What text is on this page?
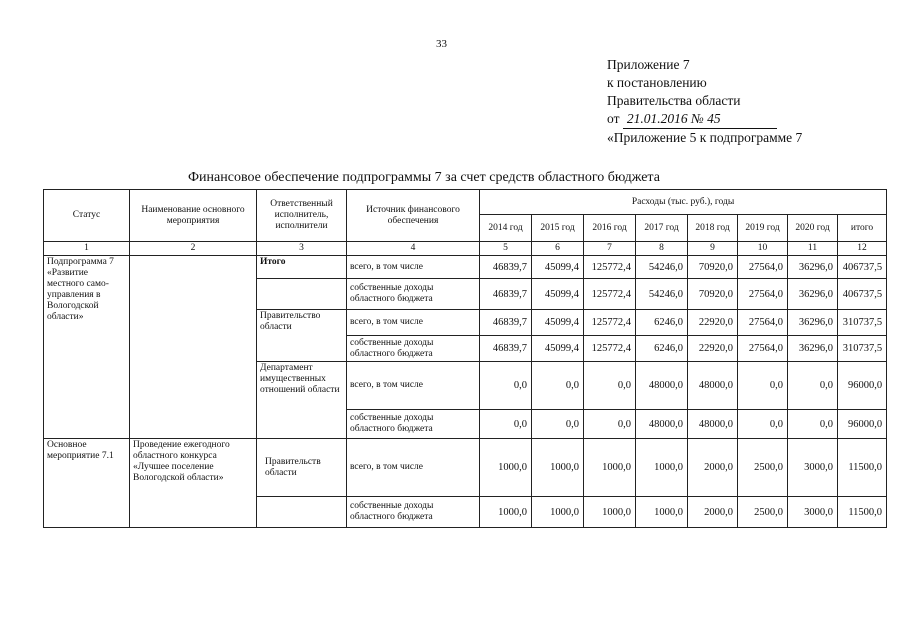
33
Приложение 7
к постановлению
Правительства области
от 21.01.2016 № 45
«Приложение 5 к подпрограмме 7
Финансовое обеспечение подпрограммы 7 за счет средств областного бюджета
Статус	Наименование основного мероприятия	Ответственный исполнитель, исполнители	Источник финансового обеспечения	Расходы (тыс. руб.), годы							
				2014 год	2015 год	2016 год	2017 год	2018 год	2019 год	2020 год	итого
1	2	3	4	5	6	7	8	9	10	11	12
Подпрограмма 7 «Развитие местного само-управления в Вологодской области»		Итого	всего, в том числе	46839,7	45099,4	125772,4	54246,0	70920,0	27564,0	36296,0	406737,5
			собственные доходы областного бюджета	46839,7	45099,4	125772,4	54246,0	70920,0	27564,0	36296,0	406737,5
		Правительство области	всего, в том числе	46839,7	45099,4	125772,4	6246,0	22920,0	27564,0	36296,0	310737,5
			собственные доходы областного бюджета	46839,7	45099,4	125772,4	6246,0	22920,0	27564,0	36296,0	310737,5
		Департамент имущественных отношений области	всего, в том числе	0,0	0,0	0,0	48000,0	48000,0	0,0	0,0	96000,0
			собственные доходы областного бюджета	0,0	0,0	0,0	48000,0	48000,0	0,0	0,0	96000,0
Основное мероприятие 7.1	Проведение ежегодного областного конкурса «Лучшее поселение Вологодской области»	Правительств области	всего, в том числе	1000,0	1000,0	1000,0	1000,0	2000,0	2500,0	3000,0	11500,0
			собственные доходы областного бюджета	1000,0	1000,0	1000,0	1000,0	2000,0	2500,0	3000,0	11500,0
